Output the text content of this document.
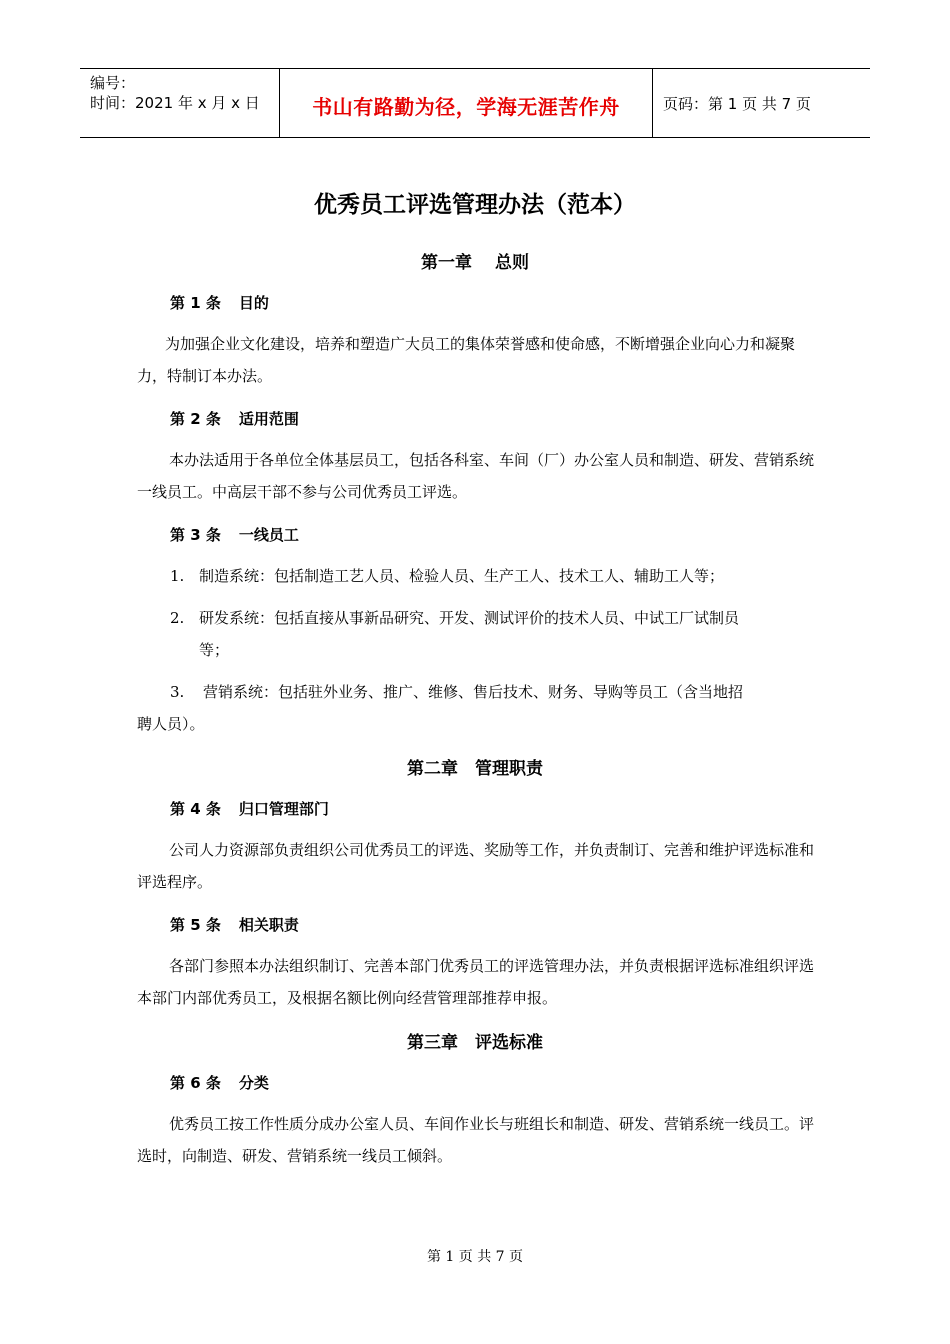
编号：
时间：2021 年 x 月 x 日	书山有路勤为径，学海无涯苦作舟	页码：第 1 页 共 7 页
优秀员工评选管理办法（范本）
第一章　 总则
第 1 条 目的
为加强企业文化建设，培养和塑造广大员工的集体荣誉感和使命感，不断增强企业向心力和凝聚力，特制订本办法。
第 2 条 适用范围
本办法适用于各单位全体基层员工，包括各科室、车间（厂）办公室人员和制造、研发、营销系统一线员工。中高层干部不参与公司优秀员工评选。
第 3 条 一线员工
1. 制造系统：包括制造工艺人员、检验人员、生产工人、技术工人、辅助工人等；
2. 研发系统：包括直接从事新品研究、开发、测试评价的技术人员、中试工厂试制员
等；
3. 营销系统：包括驻外业务、推广、维修、售后技术、财务、导购等员工（含当地招
聘人员）。
第二章　管理职责
第 4 条 归口管理部门
公司人力资源部负责组织公司优秀员工的评选、奖励等工作，并负责制订、完善和维护评选标准和评选程序。
第 5 条 相关职责
各部门参照本办法组织制订、完善本部门优秀员工的评选管理办法，并负责根据评选标准组织评选本部门内部优秀员工，及根据名额比例向经营管理部推荐申报。
第三章　评选标准
第 6 条 分类
优秀员工按工作性质分成办公室人员、车间作业长与班组长和制造、研发、营销系统一线员工。评选时，向制造、研发、营销系统一线员工倾斜。
第 1 页 共 7 页
